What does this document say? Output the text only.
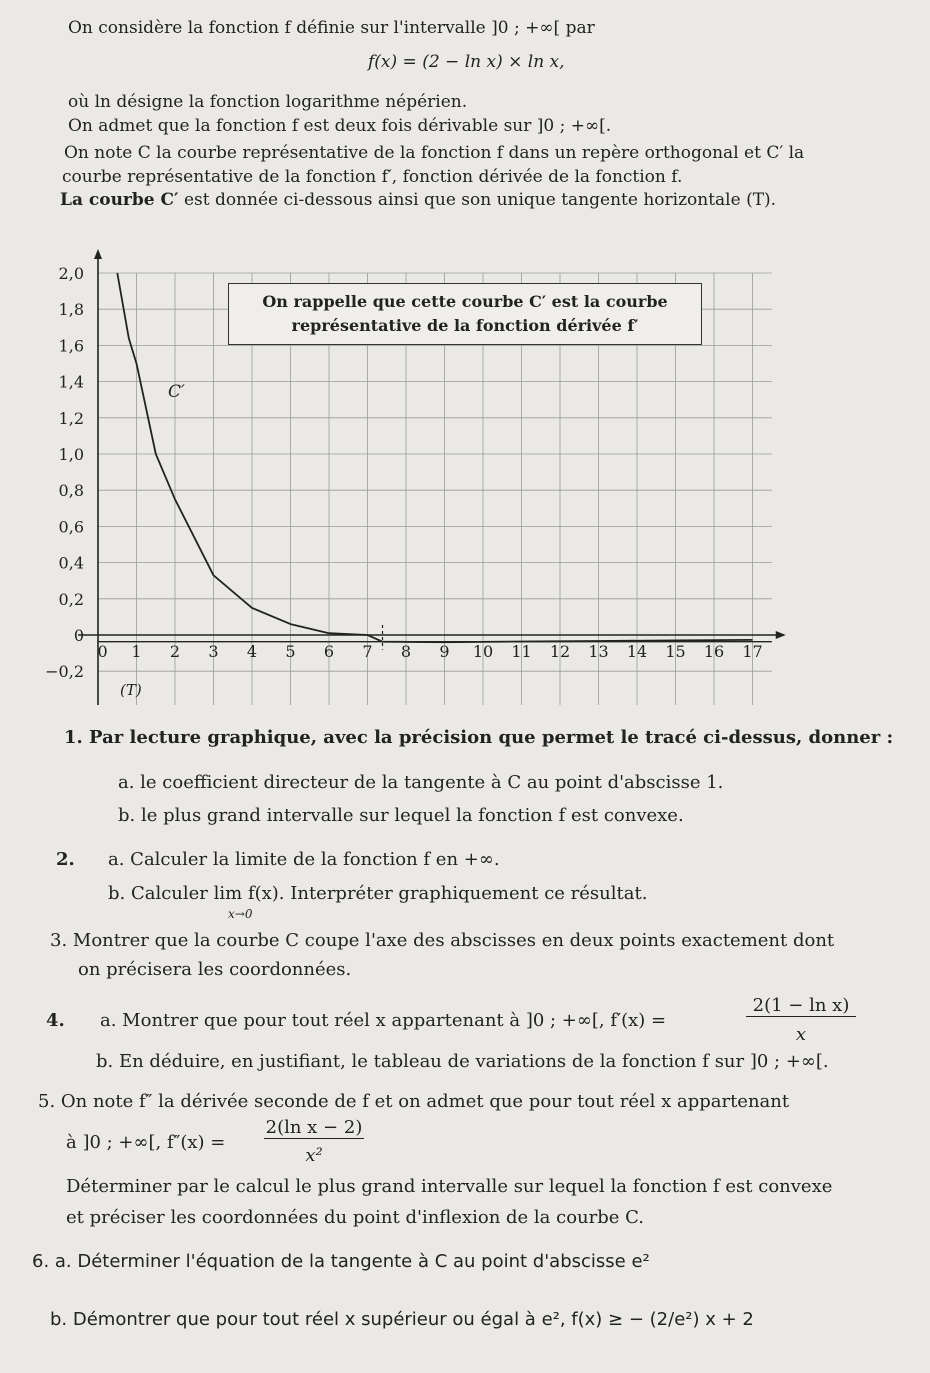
On considère la fonction f définie sur l'intervalle ]0 ; +∞[ par
f(x) = (2 − ln x) × ln x,
où ln désigne la fonction logarithme népérien.
On admet que la fonction f est deux fois dérivable sur ]0 ; +∞[.
On note C la courbe représentative de la fonction f dans un repère orthogonal et C′ la
courbe représentative de la fonction f′, fonction dérivée de la fonction f.
La courbe C′ est donnée ci-dessous ainsi que son unique tangente horizontale (T).
2,0
1,8
1,6
1,4
1,2
1,0
0,8
0,6
0,4
0,2
0
−0,2
0 1 2 3 4 5 6 7 8 9 10 11 12 13 14 15 16 17
C′
(T)
On rappelle que cette courbe C′ est la courbe
représentative de la fonction dérivée f′
1. Par lecture graphique, avec la précision que permet le tracé ci-dessus, donner :
a. le coefficient directeur de la tangente à C au point d'abscisse 1.
b. le plus grand intervalle sur lequel la fonction f est convexe.
2. a. Calculer la limite de la fonction f en +∞.
b. Calculer lim f(x). Interpréter graphiquement ce résultat.
x→0
3. Montrer que la courbe C coupe l'axe des abscisses en deux points exactement dont
on précisera les coordonnées.
4. a. Montrer que pour tout réel x appartenant à ]0 ; +∞[, f′(x) =
2(1 − ln x)
x
b. En déduire, en justifiant, le tableau de variations de la fonction f sur ]0 ; +∞[.
5. On note f″ la dérivée seconde de f et on admet que pour tout réel x appartenant
à ]0 ; +∞[, f″(x) =
2(ln x − 2)
x²
Déterminer par le calcul le plus grand intervalle sur lequel la fonction f est convexe
et préciser les coordonnées du point d'inflexion de la courbe C.
6. a. Déterminer l'équation de la tangente à C au point d'abscisse e²
b. Démontrer que pour tout réel x supérieur ou égal à e², f(x) ≥ − (2/e²) x + 2
